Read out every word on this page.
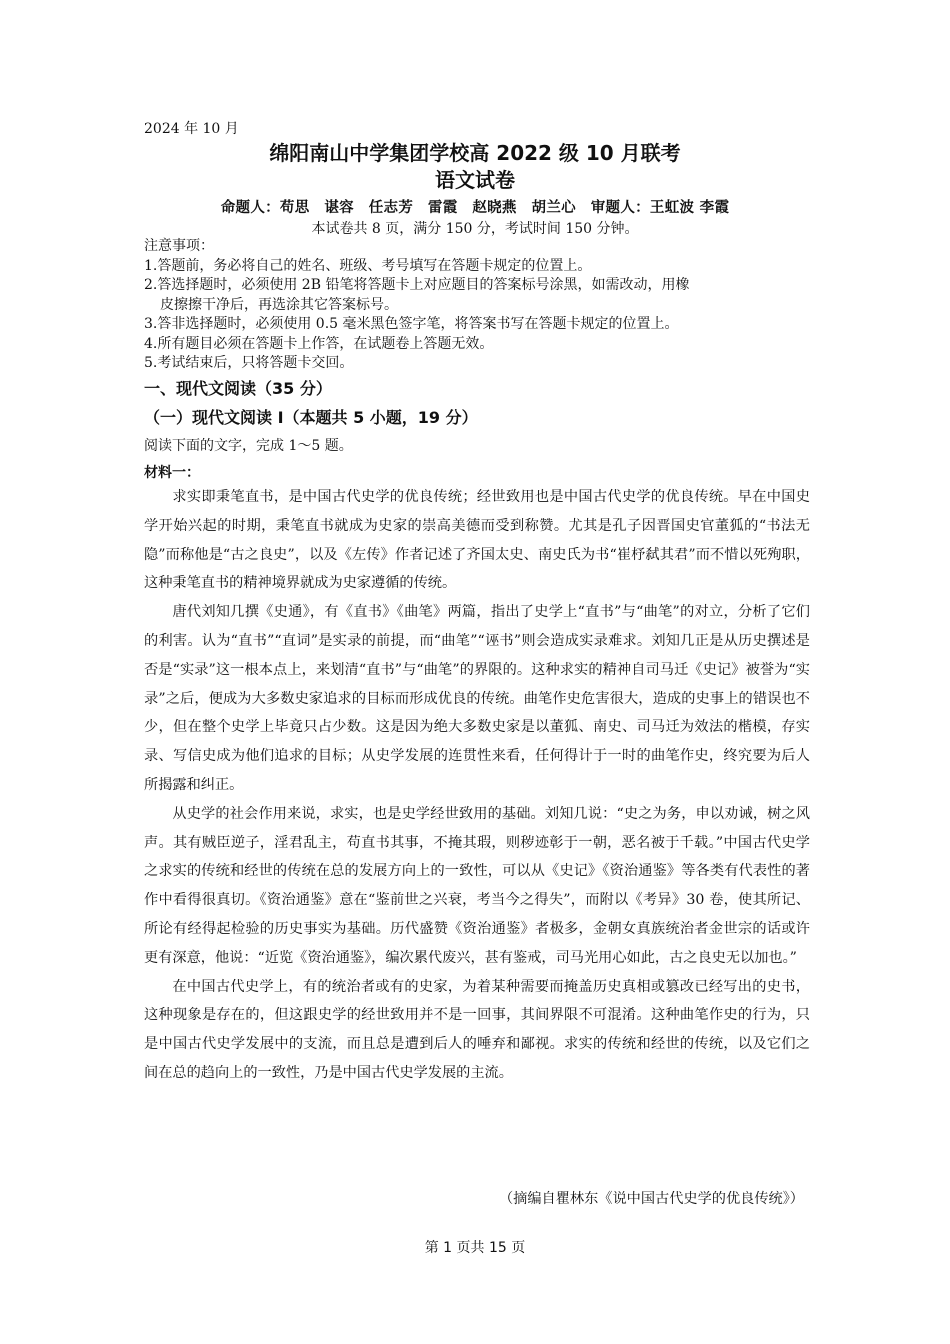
2024 年 10 月
绵阳南山中学集团学校高 2022 级 10 月联考
语文试卷
命题人：苟思　谌容　任志芳　雷霞　赵晓燕　胡兰心　审题人：王虹波 李霞
本试卷共 8 页，满分 150 分，考试时间 150 分钟。
注意事项：
1.答题前，务必将自己的姓名、班级、考号填写在答题卡规定的位置上。
2.答选择题时，必须使用 2B 铅笔将答题卡上对应题目的答案标号涂黑，如需改动，用橡
皮擦擦干净后，再选涂其它答案标号。
3.答非选择题时，必须使用 0.5 毫米黑色签字笔，将答案书写在答题卡规定的位置上。
4.所有题目必须在答题卡上作答，在试题卷上答题无效。
5.考试结束后，只将答题卡交回。
一、现代文阅读（35 分）
（一）现代文阅读 I（本题共 5 小题，19 分）
阅读下面的文字，完成 1～5 题。
材料一：

求实即秉笔直书，是中国古代史学的优良传统；经世致用也是中国古代史学的优良传统。早在中国史学开始兴起的时期，秉笔直书就成为史家的崇高美德而受到称赞。尤其是孔子因晋国史官董狐的“书法无隐”而称他是“古之良史”，以及《左传》作者记述了齐国太史、南史氏为书“崔杼弑其君”而不惜以死殉职，这种秉笔直书的精神境界就成为史家遵循的传统。

唐代刘知几撰《史通》，有《直书》《曲笔》两篇，指出了史学上“直书”与“曲笔”的对立，分析了它们的利害。认为“直书”“直词”是实录的前提，而“曲笔”“诬书”则会造成实录难求。刘知几正是从历史撰述是否是“实录”这一根本点上，来划清“直书”与“曲笔”的界限的。这种求实的精神自司马迁《史记》被誉为“实录”之后，便成为大多数史家追求的目标而形成优良的传统。曲笔作史危害很大，造成的史事上的错误也不少，但在整个史学上毕竟只占少数。这是因为绝大多数史家是以董狐、南史、司马迁为效法的楷模，存实录、写信史成为他们追求的目标；从史学发展的连贯性来看，任何得计于一时的曲笔作史，终究要为后人所揭露和纠正。

从史学的社会作用来说，求实，也是史学经世致用的基础。刘知几说：“史之为务，申以劝诫，树之风声。其有贼臣逆子，淫君乱主，苟直书其事，不掩其瑕，则秽迹彰于一朝，恶名被于千载。”中国古代史学之求实的传统和经世的传统在总的发展方向上的一致性，可以从《史记》《资治通鉴》等各类有代表性的著作中看得很真切。《资治通鉴》意在“鉴前世之兴衰，考当今之得失”，而附以《考异》30 卷，使其所记、所论有经得起检验的历史事实为基础。历代盛赞《资治通鉴》者极多，金朝女真族统治者金世宗的话或许更有深意，他说：“近览《资治通鉴》，编次累代废兴，甚有鉴戒，司马光用心如此，古之良史无以加也。”

在中国古代史学上，有的统治者或有的史家，为着某种需要而掩盖历史真相或篡改已经写出的史书，这种现象是存在的，但这跟史学的经世致用并不是一回事，其间界限不可混淆。这种曲笔作史的行为，只是中国古代史学发展中的支流，而且总是遭到后人的唾弃和鄙视。求实的传统和经世的传统，以及它们之间在总的趋向上的一致性，乃是中国古代史学发展的主流。

（摘编自瞿林东《说中国古代史学的优良传统》）
第 1 页共 15 页
